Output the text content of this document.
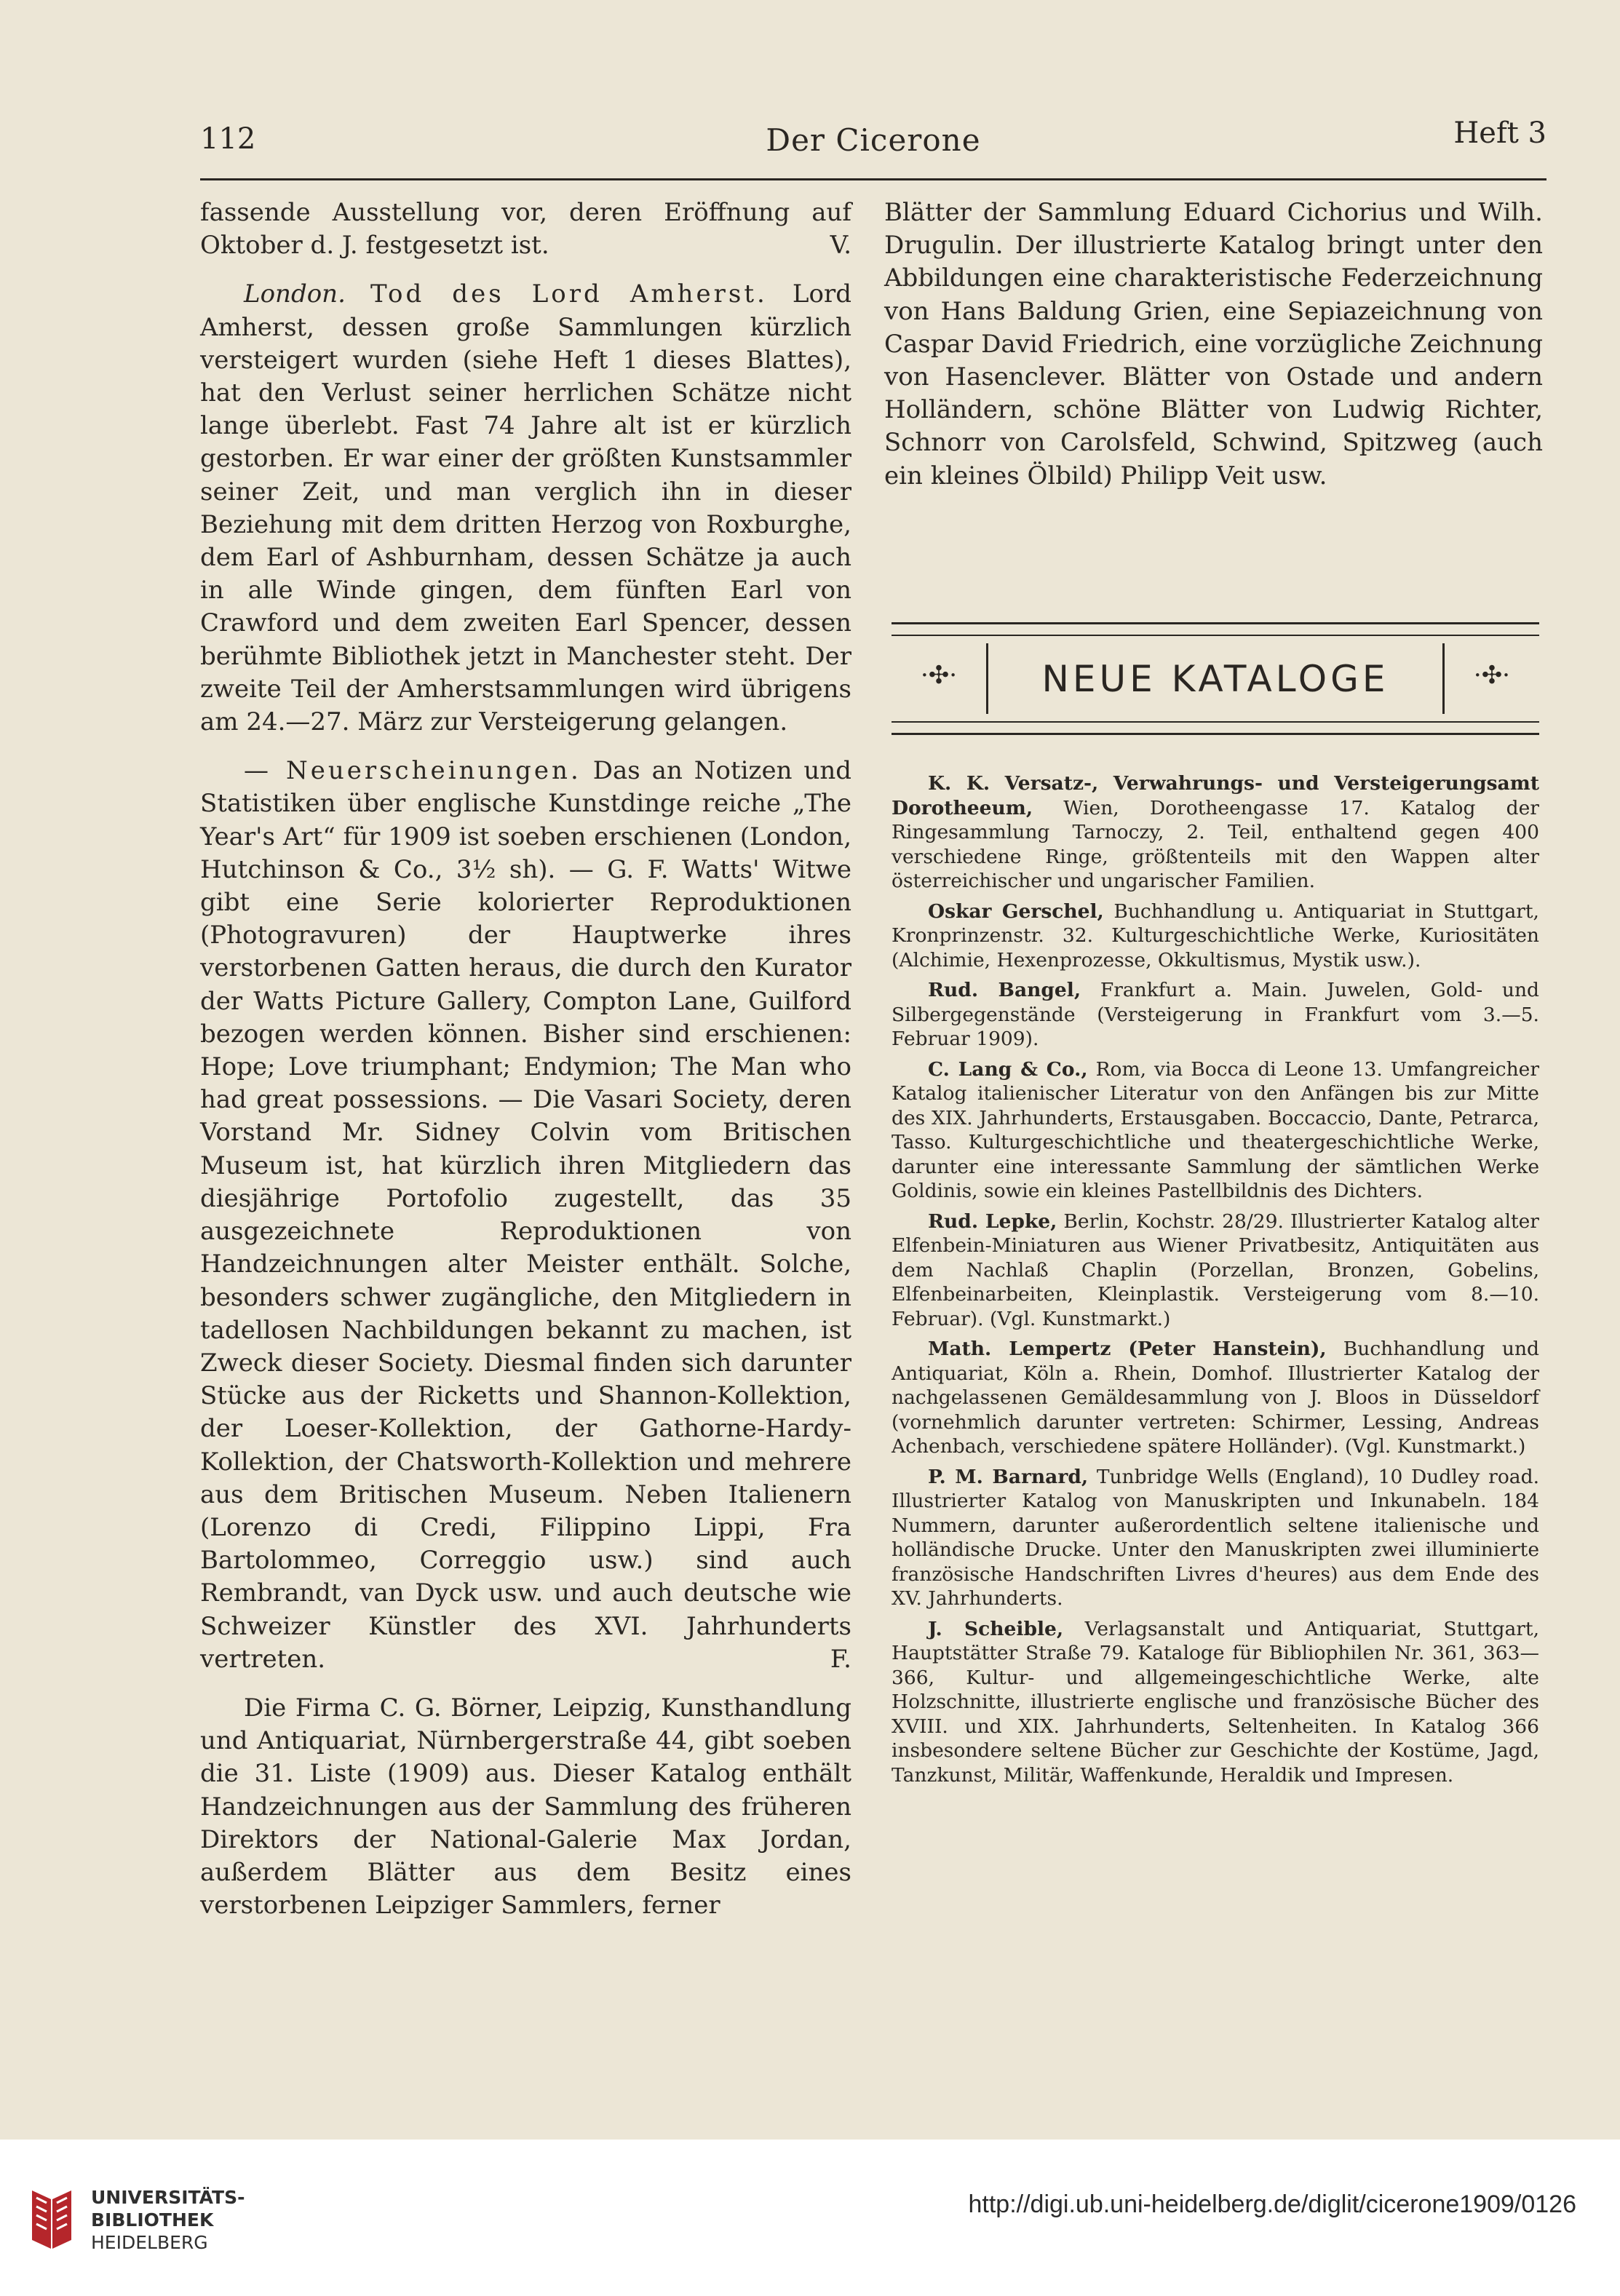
112	Der Cicerone	Heft 3

fassende Ausstellung vor, deren Eröffnung auf Oktober d. J. festgesetzt ist.	V.

London. Tod des Lord Amherst. Lord Amherst, dessen große Sammlungen kürzlich versteigert wurden (siehe Heft 1 dieses Blattes), hat den Verlust seiner herrlichen Schätze nicht lange überlebt. Fast 74 Jahre alt ist er kürzlich gestorben. Er war einer der größten Kunstsammler seiner Zeit, und man verglich ihn in dieser Beziehung mit dem dritten Herzog von Roxburghe, dem Earl of Ashburnham, dessen Schätze ja auch in alle Winde gingen, dem fünften Earl von Crawford und dem zweiten Earl Spencer, dessen berühmte Bibliothek jetzt in Manchester steht. Der zweite Teil der Amherstsammlungen wird übrigens am 24.—27. März zur Versteigerung gelangen.

— Neuerscheinungen. Das an Notizen und Statistiken über englische Kunstdinge reiche „The Year's Art“ für 1909 ist soeben erschienen (London, Hutchinson & Co., 3½ sh). — G. F. Watts' Witwe gibt eine Serie kolorierter Reproduktionen (Photogravuren) der Hauptwerke ihres verstorbenen Gatten heraus, die durch den Kurator der Watts Picture Gallery, Compton Lane, Guilford bezogen werden können. Bisher sind erschienen: Hope; Love triumphant; Endymion; The Man who had great possessions. — Die Vasari Society, deren Vorstand Mr. Sidney Colvin vom Britischen Museum ist, hat kürzlich ihren Mitgliedern das diesjährige Portofolio zugestellt, das 35 ausgezeichnete Reproduktionen von Handzeichnungen alter Meister enthält. Solche, besonders schwer zugängliche, den Mitgliedern in tadellosen Nachbildungen bekannt zu machen, ist Zweck dieser Society. Diesmal finden sich darunter Stücke aus der Ricketts und Shannon-Kollektion, der Loeser-Kollektion, der Gathorne-Hardy-Kollektion, der Chatsworth-Kollektion und mehrere aus dem Britischen Museum. Neben Italienern (Lorenzo di Credi, Filippino Lippi, Fra Bartolommeo, Correggio usw.) sind auch Rembrandt, van Dyck usw. und auch deutsche wie Schweizer Künstler des XVI. Jahrhunderts vertreten.	F.

Die Firma C. G. Börner, Leipzig, Kunsthandlung und Antiquariat, Nürnbergerstraße 44, gibt soeben die 31. Liste (1909) aus. Dieser Katalog enthält Handzeichnungen aus der Sammlung des früheren Direktors der National-Galerie Max Jordan, außerdem Blätter aus dem Besitz eines verstorbenen Leipziger Sammlers, ferner

Blätter der Sammlung Eduard Cichorius und Wilh. Drugulin. Der illustrierte Katalog bringt unter den Abbildungen eine charakteristische Federzeichnung von Hans Baldung Grien, eine Sepiazeichnung von Caspar David Friedrich, eine vorzügliche Zeichnung von Hasenclever. Blätter von Ostade und andern Holländern, schöne Blätter von Ludwig Richter, Schnorr von Carolsfeld, Schwind, Spitzweg (auch ein kleines Ölbild) Philipp Veit usw.

·✣· NEUE KATALOGE	·✣·

K. K. Versatz-, Verwahrungs- und Versteigerungsamt Dorotheeum, Wien, Dorotheengasse 17. Katalog der Ringesammlung Tarnoczy, 2. Teil, enthaltend gegen 400 verschiedene Ringe, größtenteils mit den Wappen alter österreichischer und ungarischer Familien.

Oskar Gerschel, Buchhandlung u. Antiquariat in Stuttgart, Kronprinzenstr. 32. Kulturgeschichtliche Werke, Kuriositäten (Alchimie, Hexenprozesse, Okkultismus, Mystik usw.).

Rud. Bangel, Frankfurt a. Main. Juwelen, Gold- und Silbergegenstände (Versteigerung in Frankfurt vom 3.—5. Februar 1909).

C. Lang & Co., Rom, via Bocca di Leone 13. Umfangreicher Katalog italienischer Literatur von den Anfängen bis zur Mitte des XIX. Jahrhunderts, Erstausgaben. Boccaccio, Dante, Petrarca, Tasso. Kulturgeschichtliche und theatergeschichtliche Werke, darunter eine interessante Sammlung der sämtlichen Werke Goldinis, sowie ein kleines Pastellbildnis des Dichters.

Rud. Lepke, Berlin, Kochstr. 28/29. Illustrierter Katalog alter Elfenbein-Miniaturen aus Wiener Privatbesitz, Antiquitäten aus dem Nachlaß Chaplin (Porzellan, Bronzen, Gobelins, Elfenbeinarbeiten, Kleinplastik. Versteigerung vom 8.—10. Februar). (Vgl. Kunstmarkt.)

Math. Lempertz (Peter Hanstein), Buchhandlung und Antiquariat, Köln a. Rhein, Domhof. Illustrierter Katalog der nachgelassenen Gemäldesammlung von J. Bloos in Düsseldorf (vornehmlich darunter vertreten: Schirmer, Lessing, Andreas Achenbach, verschiedene spätere Holländer). (Vgl. Kunstmarkt.)

P. M. Barnard, Tunbridge Wells (England), 10 Dudley road. Illustrierter Katalog von Manuskripten und Inkunabeln. 184 Nummern, darunter außerordentlich seltene italienische und holländische Drucke. Unter den Manuskripten zwei illuminierte französische Handschriften Livres d'heures) aus dem Ende des XV. Jahrhunderts.

J. Scheible, Verlagsanstalt und Antiquariat, Stuttgart, Hauptstätter Straße 79. Kataloge für Bibliophilen Nr. 361, 363—366, Kultur- und allgemeingeschichtliche Werke, alte Holzschnitte, illustrierte englische und französische Bücher des XVIII. und XIX. Jahrhunderts, Seltenheiten. In Katalog 366 insbesondere seltene Bücher zur Geschichte der Kostüme, Jagd, Tanzkunst, Militär, Waffenkunde, Heraldik und Impresen.

UNIVERSITÄTS-
BIBLIOTHEK
HEIDELBERG
http://digi.ub.uni-heidelberg.de/diglit/cicerone1909/0126
